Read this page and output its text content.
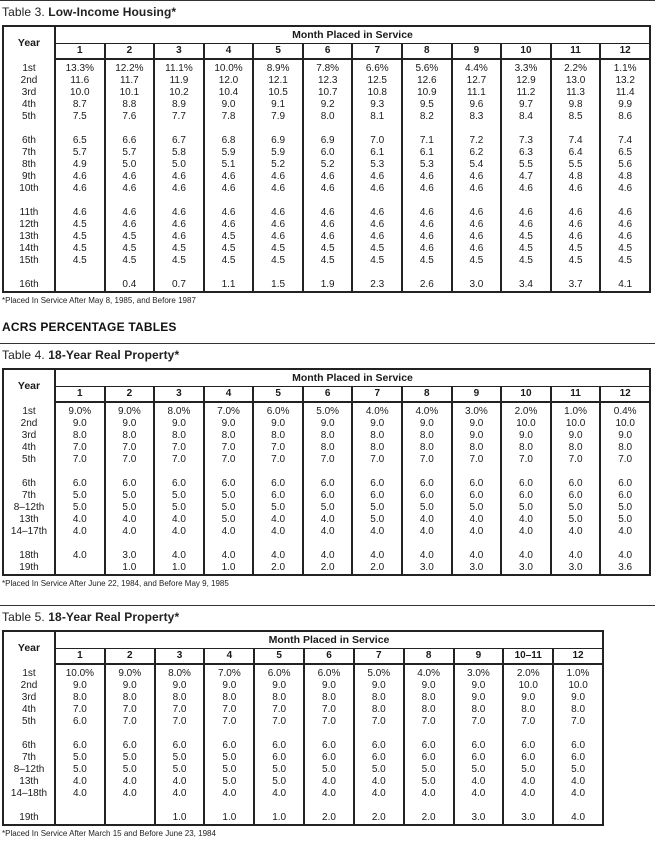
Table 3. Low-Income Housing*
Year	Month Placed in Service											
	1	2	3	4	5	6	7	8	9	10	11	12
1st	13.3%	12.2%	11.1%	10.0%	8.9%	7.8%	6.6%	5.6%	4.4%	3.3%	2.2%	1.1%
2nd	11.6	11.7	11.9	12.0	12.1	12.3	12.5	12.6	12.7	12.9	13.0	13.2
3rd	10.0	10.1	10.2	10.4	10.5	10.7	10.8	10.9	11.1	11.2	11.3	11.4
4th	8.7	8.8	8.9	9.0	9.1	9.2	9.3	9.5	9.6	9.7	9.8	9.9
5th	7.5	7.6	7.7	7.8	7.9	8.0	8.1	8.2	8.3	8.4	8.5	8.6

6th	6.5	6.6	6.7	6.8	6.9	6.9	7.0	7.1	7.2	7.3	7.4	7.4
7th	5.7	5.7	5.8	5.9	5.9	6.0	6.1	6.1	6.2	6.3	6.4	6.5
8th	4.9	5.0	5.0	5.1	5.2	5.2	5.3	5.3	5.4	5.5	5.5	5.6
9th	4.6	4.6	4.6	4.6	4.6	4.6	4.6	4.6	4.6	4.7	4.8	4.8
10th	4.6	4.6	4.6	4.6	4.6	4.6	4.6	4.6	4.6	4.6	4.6	4.6

11th	4.6	4.6	4.6	4.6	4.6	4.6	4.6	4.6	4.6	4.6	4.6	4.6
12th	4.5	4.6	4.6	4.6	4.6	4.6	4.6	4.6	4.6	4.6	4.6	4.6
13th	4.5	4.5	4.6	4.5	4.6	4.6	4.6	4.6	4.6	4.5	4.6	4.6
14th	4.5	4.5	4.5	4.5	4.5	4.5	4.5	4.6	4.6	4.5	4.5	4.5
15th	4.5	4.5	4.5	4.5	4.5	4.5	4.5	4.5	4.5	4.5	4.5	4.5

16th		0.4	0.7	1.1	1.5	1.9	2.3	2.6	3.0	3.4	3.7	4.1
*Placed In Service After May 8, 1985, and Before 1987
ACRS PERCENTAGE TABLES
Table 4. 18-Year Real Property*
Year	Month Placed in Service											
	1	2	3	4	5	6	7	8	9	10	11	12
1st	9.0%	9.0%	8.0%	7.0%	6.0%	5.0%	4.0%	4.0%	3.0%	2.0%	1.0%	0.4%
2nd	9.0	9.0	9.0	9.0	9.0	9.0	9.0	9.0	9.0	10.0	10.0	10.0
3rd	8.0	8.0	8.0	8.0	8.0	8.0	8.0	8.0	9.0	9.0	9.0	9.0
4th	7.0	7.0	7.0	7.0	7.0	8.0	8.0	8.0	8.0	8.0	8.0	8.0
5th	7.0	7.0	7.0	7.0	7.0	7.0	7.0	7.0	7.0	7.0	7.0	7.0

6th	6.0	6.0	6.0	6.0	6.0	6.0	6.0	6.0	6.0	6.0	6.0	6.0
7th	5.0	5.0	5.0	5.0	6.0	6.0	6.0	6.0	6.0	6.0	6.0	6.0
8–12th	5.0	5.0	5.0	5.0	5.0	5.0	5.0	5.0	5.0	5.0	5.0	5.0
13th	4.0	4.0	4.0	5.0	4.0	4.0	5.0	4.0	4.0	4.0	5.0	5.0
14–17th	4.0	4.0	4.0	4.0	4.0	4.0	4.0	4.0	4.0	4.0	4.0	4.0

18th	4.0	3.0	4.0	4.0	4.0	4.0	4.0	4.0	4.0	4.0	4.0	4.0
19th		1.0	1.0	1.0	2.0	2.0	2.0	3.0	3.0	3.0	3.0	3.6
*Placed In Service After June 22, 1984, and Before May 9, 1985
Table 5. 18-Year Real Property*
Year	Month Placed in Service										
	1	2	3	4	5	6	7	8	9	10–11	12
1st	10.0%	9.0%	8.0%	7.0%	6.0%	6.0%	5.0%	4.0%	3.0%	2.0%	1.0%
2nd	9.0	9.0	9.0	9.0	9.0	9.0	9.0	9.0	9.0	10.0	10.0
3rd	8.0	8.0	8.0	8.0	8.0	8.0	8.0	8.0	9.0	9.0	9.0
4th	7.0	7.0	7.0	7.0	7.0	7.0	8.0	8.0	8.0	8.0	8.0
5th	6.0	7.0	7.0	7.0	7.0	7.0	7.0	7.0	7.0	7.0	7.0

6th	6.0	6.0	6.0	6.0	6.0	6.0	6.0	6.0	6.0	6.0	6.0
7th	5.0	5.0	5.0	5.0	6.0	6.0	6.0	6.0	6.0	6.0	6.0
8–12th	5.0	5.0	5.0	5.0	5.0	5.0	5.0	5.0	5.0	5.0	5.0
13th	4.0	4.0	4.0	5.0	5.0	4.0	4.0	5.0	4.0	4.0	4.0
14–18th	4.0	4.0	4.0	4.0	4.0	4.0	4.0	4.0	4.0	4.0	4.0

19th			1.0	1.0	1.0	2.0	2.0	2.0	3.0	3.0	4.0
*Placed In Service After March 15 and Before June 23, 1984
